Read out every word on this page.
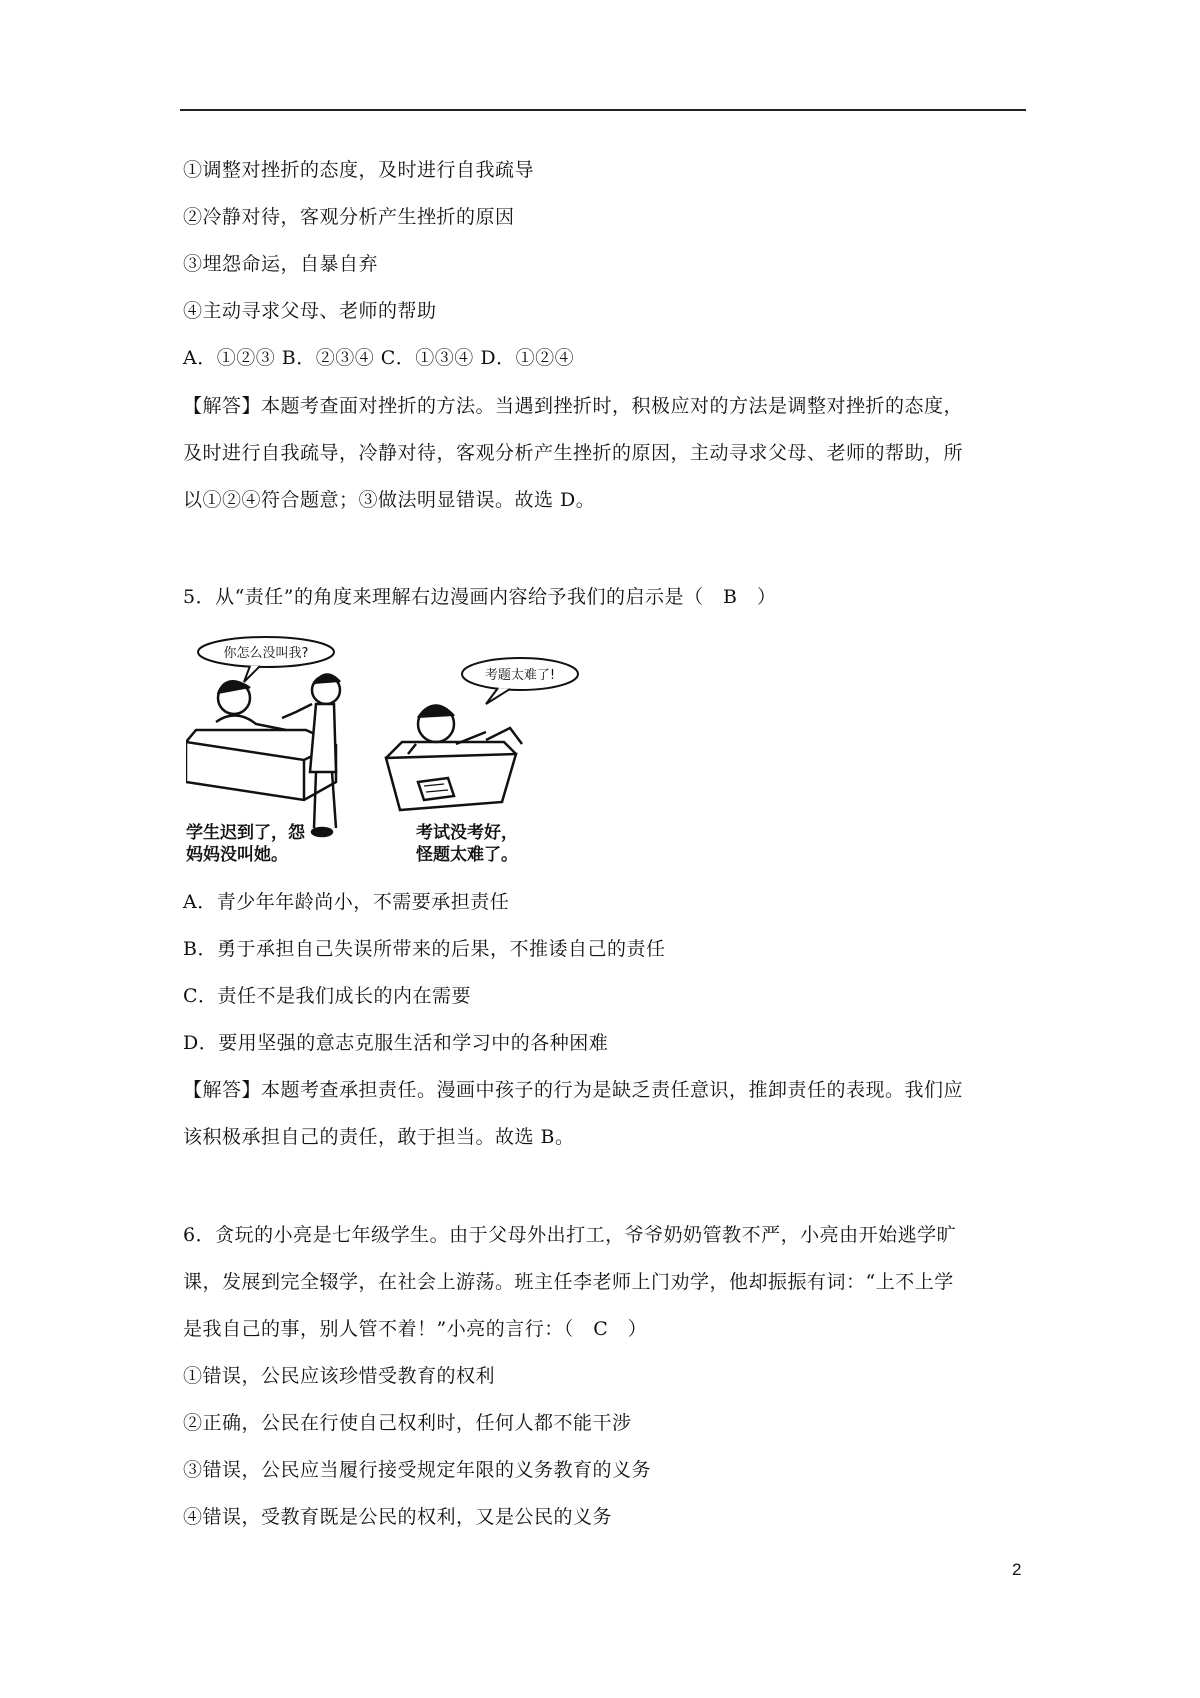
①调整对挫折的态度，及时进行自我疏导
②冷静对待，客观分析产生挫折的原因
③埋怨命运，自暴自弃
④主动寻求父母、老师的帮助
A．①②③ B．②③④ C．①③④ D．①②④
【解答】本题考查面对挫折的方法。当遇到挫折时，积极应对的方法是调整对挫折的态度，
及时进行自我疏导，冷静对待，客观分析产生挫折的原因，主动寻求父母、老师的帮助，所
以①②④符合题意；③做法明显错误。故选 D。
5．从“责任”的角度来理解右边漫画内容给予我们的启示是（　B　）
你怎么没叫我?
考题太难了!
学生迟到了，怨
妈妈没叫她。
考试没考好，
怪题太难了。
A．青少年年龄尚小，不需要承担责任
B．勇于承担自己失误所带来的后果，不推诿自己的责任
C．责任不是我们成长的内在需要
D．要用坚强的意志克服生活和学习中的各种困难
【解答】本题考查承担责任。漫画中孩子的行为是缺乏责任意识，推卸责任的表现。我们应
该积极承担自己的责任，敢于担当。故选 B。
6．贪玩的小亮是七年级学生。由于父母外出打工，爷爷奶奶管教不严，小亮由开始逃学旷
课，发展到完全辍学，在社会上游荡。班主任李老师上门劝学，他却振振有词：“上不上学
是我自己的事，别人管不着！”小亮的言行：（　C　）
①错误，公民应该珍惜受教育的权利
②正确，公民在行使自己权利时，任何人都不能干涉
③错误，公民应当履行接受规定年限的义务教育的义务
④错误，受教育既是公民的权利，又是公民的义务
2
